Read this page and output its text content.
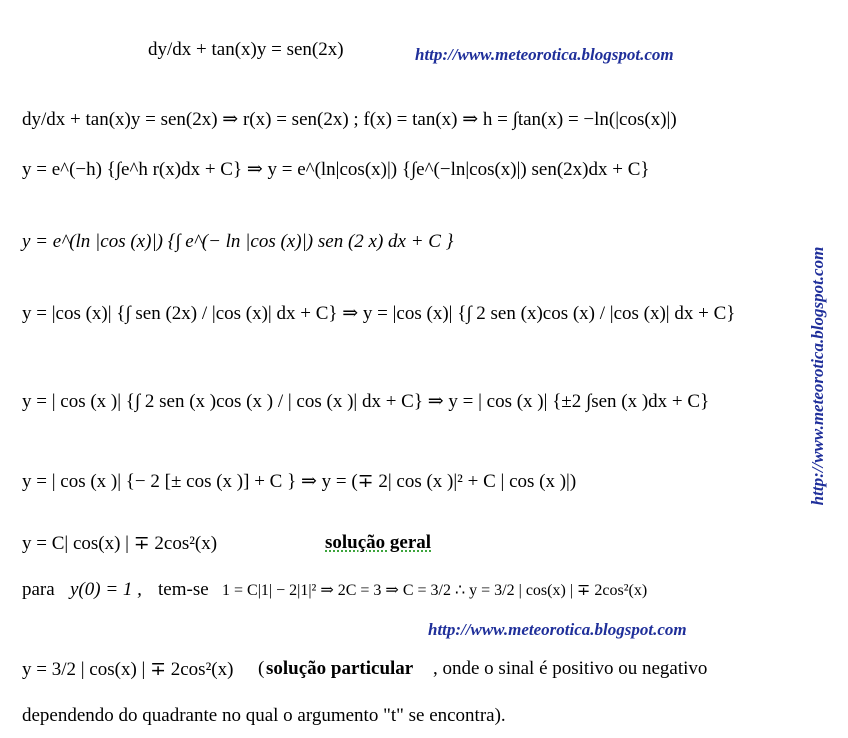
http://www.meteorotica.blogspot.com
http://www.meteorotica.blogspot.com
http://www.meteorotica.blogspot.com
dy/dx + tan(x)y = sen(2x)
dy/dx + tan(x)y = sen(2x) ⇒ r(x) = sen(2x) ; f(x) = tan(x) ⇒ h = ∫tan(x) = −ln(|cos(x)|)
y = e^(−h) {∫e^h r(x)dx + C} ⇒ y = e^(ln|cos(x)|) {∫e^(−ln|cos(x)|) sen(2x)dx + C}
y = e^(ln |cos (x)|) {∫ e^(− ln |cos (x)|) sen (2 x) dx + C }
y = |cos (x)| {∫ sen (2x) / |cos (x)| dx + C} ⇒ y = |cos (x)| {∫ 2 sen (x)cos (x) / |cos (x)| dx + C}
y = | cos (x )| {∫ 2 sen (x )cos (x ) / | cos (x )| dx + C} ⇒ y = | cos (x )| {±2 ∫sen (x )dx + C}
y = | cos (x )| {− 2 [± cos (x )] + C } ⇒ y = (∓ 2| cos (x )|² + C | cos (x )|)
y = C| cos(x) | ∓ 2cos²(x)	solução geral
para y(0) = 1 , tem-se 1 = C|1| − 2|1|² ⇒ 2C = 3 ⇒ C = 3/2 ∴ y = 3/2 | cos(x) | ∓ 2cos²(x)
y = 3/2 | cos(x) | ∓ 2cos²(x) ( solução particular , onde o sinal é positivo ou negativo
dependendo do quadrante no qual o argumento "t" se encontra).
